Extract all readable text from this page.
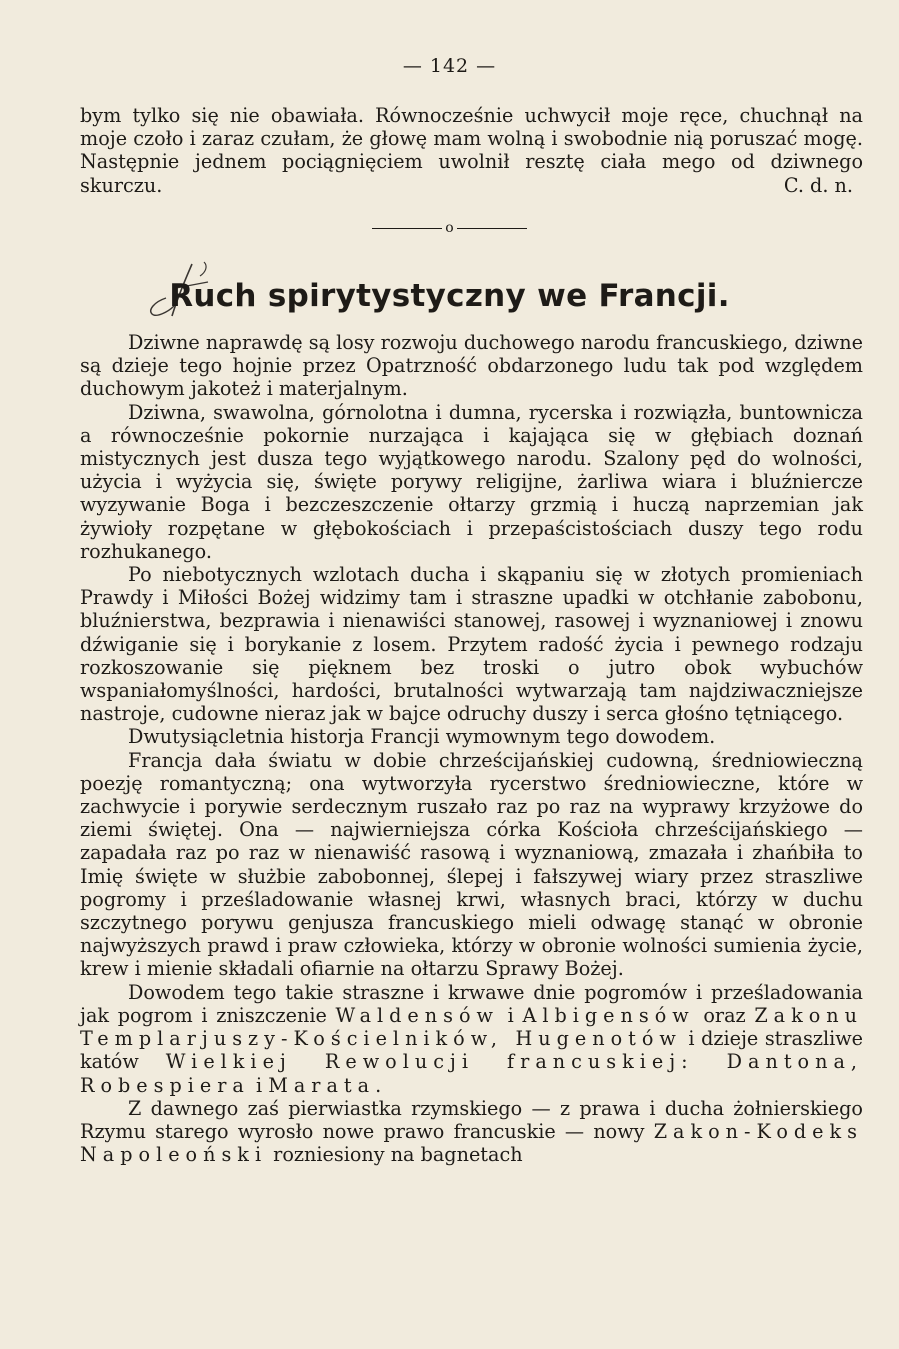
— 142 —

bym tylko się nie obawiała. Równocześnie uchwycił moje ręce, chuchnął na moje czoło i zaraz czułam, że głowę mam wolną i swobodnie nią poruszać mogę. Następnie jednem pociągnięciem uwolnił resztę ciała mego od dziwnego skurczu.	C. d. n.

o
Ruch spirytystyczny we Francji.

Dziwne naprawdę są losy rozwoju duchowego narodu francuskiego, dziwne są dzieje tego hojnie przez Opatrzność obdarzonego ludu tak pod względem duchowym jakoteż i materjalnym.

Dziwna, swawolna, górnolotna i dumna, rycerska i rozwiązła, buntownicza a równocześnie pokornie nurzająca i kajająca się w głębiach doznań mistycznych jest dusza tego wyjątkowego narodu. Szalony pęd do wolności, użycia i wyżycia się, święte porywy religijne, żarliwa wiara i bluźniercze wyzywanie Boga i bezczeszczenie ołtarzy grzmią i huczą naprzemian jak żywioły rozpętane w głębokościach i przepaścistościach duszy tego rodu rozhukanego.

Po niebotycznych wzlotach ducha i skąpaniu się w złotych promieniach Prawdy i Miłości Bożej widzimy tam i straszne upadki w otchłanie zabobonu, bluźnierstwa, bezprawia i nienawiści stanowej, rasowej i wyznaniowej i znowu dźwiganie się i borykanie z losem. Przytem radość życia i pewnego rodzaju rozkoszowanie się pięknem bez troski o jutro obok wybuchów wspaniałomyślności, hardości, brutalności wytwarzają tam najdziwaczniejsze nastroje, cudowne nieraz jak w bajce odruchy duszy i serca głośno tętniącego.

Dwutysiącletnia historja Francji wymownym tego dowodem.

Francja dała światu w dobie chrześcijańskiej cudowną, średniowieczną poezję romantyczną; ona wytworzyła rycerstwo średniowieczne, które w zachwycie i porywie serdecznym ruszało raz po raz na wyprawy krzyżowe do ziemi świętej. Ona — najwierniejsza córka Kościoła chrześcijańskiego — zapadała raz po raz w nienawiść rasową i wyznaniową, zmazała i zhańbiła to Imię święte w służbie zabobonnej, ślepej i fałszywej wiary przez straszliwe pogromy i prześladowanie własnej krwi, własnych braci, którzy w duchu szczytnego porywu genjusza francuskiego mieli odwagę stanąć w obronie najwyższych prawd i praw człowieka, którzy w obronie wolności sumienia życie, krew i mienie składali ofiarnie na ołtarzu Sprawy Bożej.

Dowodem tego takie straszne i krwawe dnie pogromów i prześladowania jak pogrom i zniszczenie Waldensów i Albigensów oraz Zakonu Templarjuszy-Kościelników, Hugenotów i dzieje straszliwe katów Wielkiej Rewolucji francuskiej: Dantona, Robespiera i Marata.

Z dawnego zaś pierwiastka rzymskiego — z prawa i ducha żołnierskiego Rzymu starego wyrosło nowe prawo francuskie — nowy Zakon-Kodeks Napoleoński rozniesiony na bagnetach
